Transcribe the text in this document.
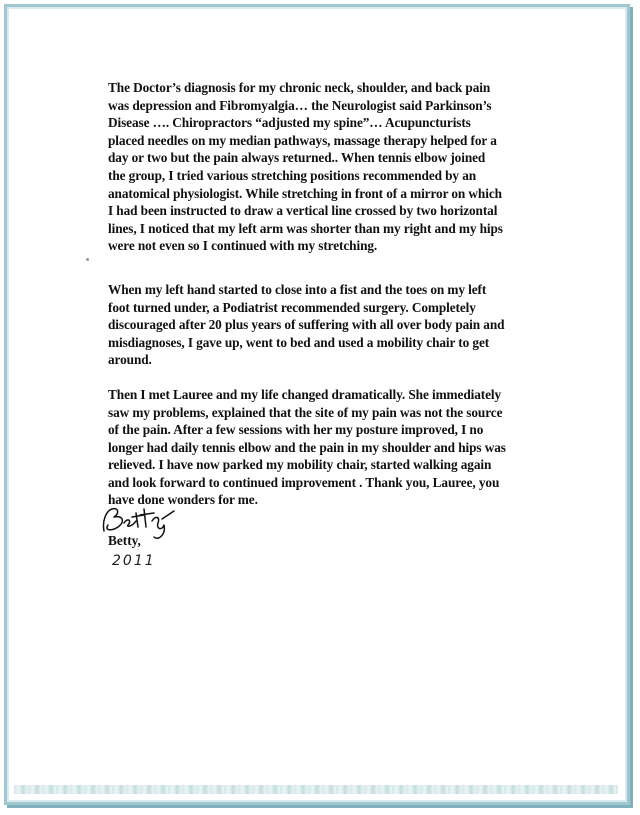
The Doctor’s diagnosis for my chronic neck, shoulder, and back pain
was depression and Fibromyalgia… the Neurologist said Parkinson’s
Disease …. Chiropractors “adjusted my spine”… Acupuncturists
placed needles on my median pathways, massage therapy helped for a
day or two but the pain always returned.. When tennis elbow joined
the group, I tried various stretching positions recommended by an
anatomical physiologist. While stretching in front of a mirror on which
I had been instructed to draw a vertical line crossed by two horizontal
lines, I noticed that my left arm was shorter than my right and my hips
were not even so I continued with my stretching.

When my left hand started to close into a fist and the toes on my left
foot turned under, a Podiatrist recommended surgery. Completely
discouraged after 20 plus years of suffering with all over body pain and
misdiagnoses, I gave up, went to bed and used a mobility chair to get
around.

Then I met Lauree and my life changed dramatically. She immediately
saw my problems, explained that the site of my pain was not the source
of the pain. After a few sessions with her my posture improved, I no
longer had daily tennis elbow and the pain in my shoulder and hips was
relieved. I have now parked my mobility chair, started walking again
and look forward to continued improvement . Thank you, Lauree, you
have done wonders for me.

Betty,
2011
